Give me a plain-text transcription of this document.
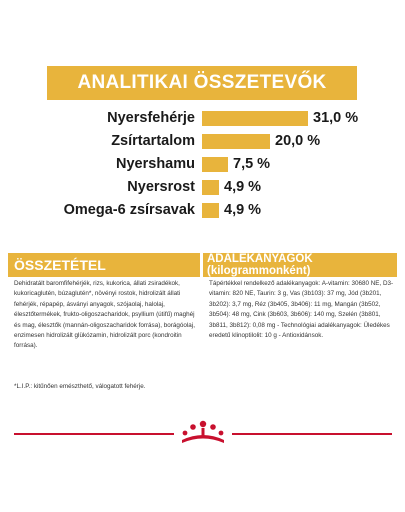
ANALITIKAI ÖSSZETEVŐK
Nyersfehérje	31,0 %
Zsírtartalom	20,0 %
Nyershamu	7,5 %
Nyersrost 4,9 %
Omega-6 zsírsavak 4,9 %
ÖSSZETÉTEL	ADALÉKANYAGOK (kilogrammonként)
Dehidratált baromfifehérjék, rizs, kukorica, állati zsiradékok, kukoricaglutén, búzaglutén*, növényi rostok, hidrolizált állati fehérjék, répapép, ásványi anyagok, szójaolaj, halolaj, élesztőtermékek, frukto-oligoszacharidok, psyllium (útifű) maghéj és mag, élesztők (mannán-oligoszacharidok forrása), borágóolaj, enzimesen hidrolizált glükózamin, hidrolizált porc (kondroitin forrása).
Tápértékkel rendelkező adalékanyagok: A-vitamin: 30680 NE, D3-vitamin: 820 NE, Taurin: 3 g, Vas (3b103): 37 mg, Jód (3b201, 3b202): 3,7 mg, Réz (3b405, 3b406): 11 mg, Mangán (3b502, 3b504): 48 mg, Cink (3b603, 3b606): 140 mg, Szelén (3b801, 3b811, 3b812): 0,08 mg - Technológiai adalékanyagok: Üledékes eredetű klinoptilolit: 10 g - Antioxidánsok.
*L.I.P.: kitűnően emészthető, válogatott fehérje.
